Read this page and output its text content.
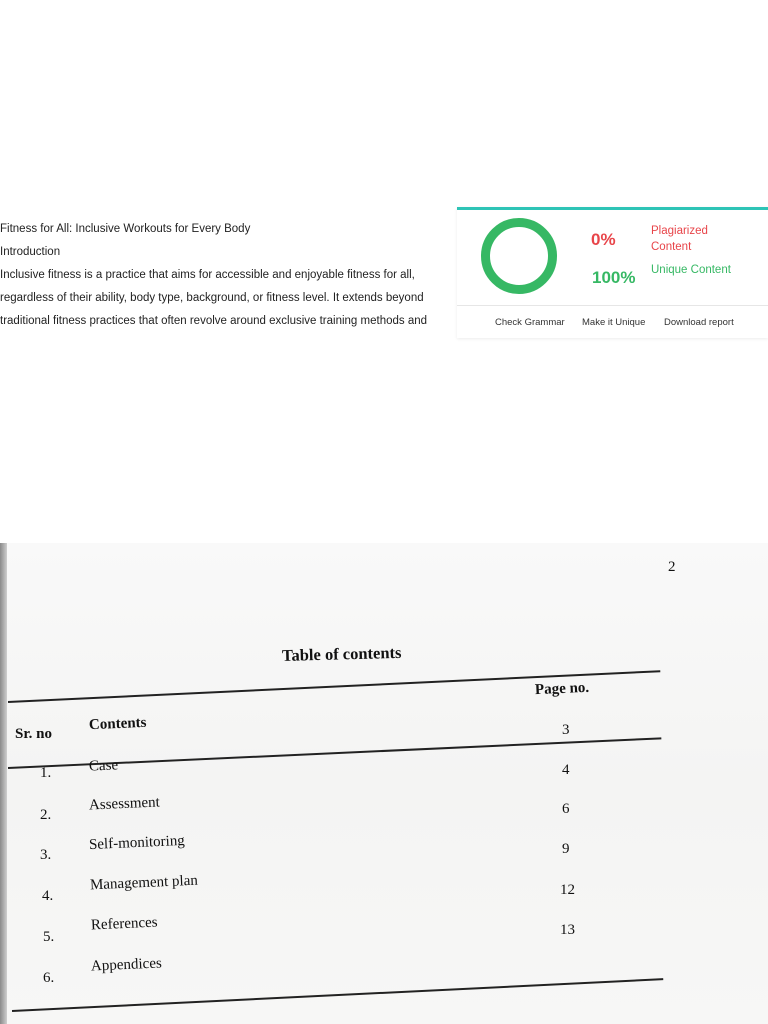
Fitness for All: Inclusive Workouts for Every Body
Introduction
Inclusive fitness is a practice that aims for accessible and enjoyable fitness for all,
regardless of their ability, body type, background, or fitness level. It extends beyond
traditional fitness practices that often revolve around exclusive training methods and
0%	Plagiarized Content
100% Unique Content
Check Grammar Make it Unique Download report
2
Table of contents
Sr. no
Contents
Page no.
1. Case
3
2.
Assessment
4
3.
Self-monitoring
6
4.
Management plan
9
5.
References
12
6.
Appendices
13
